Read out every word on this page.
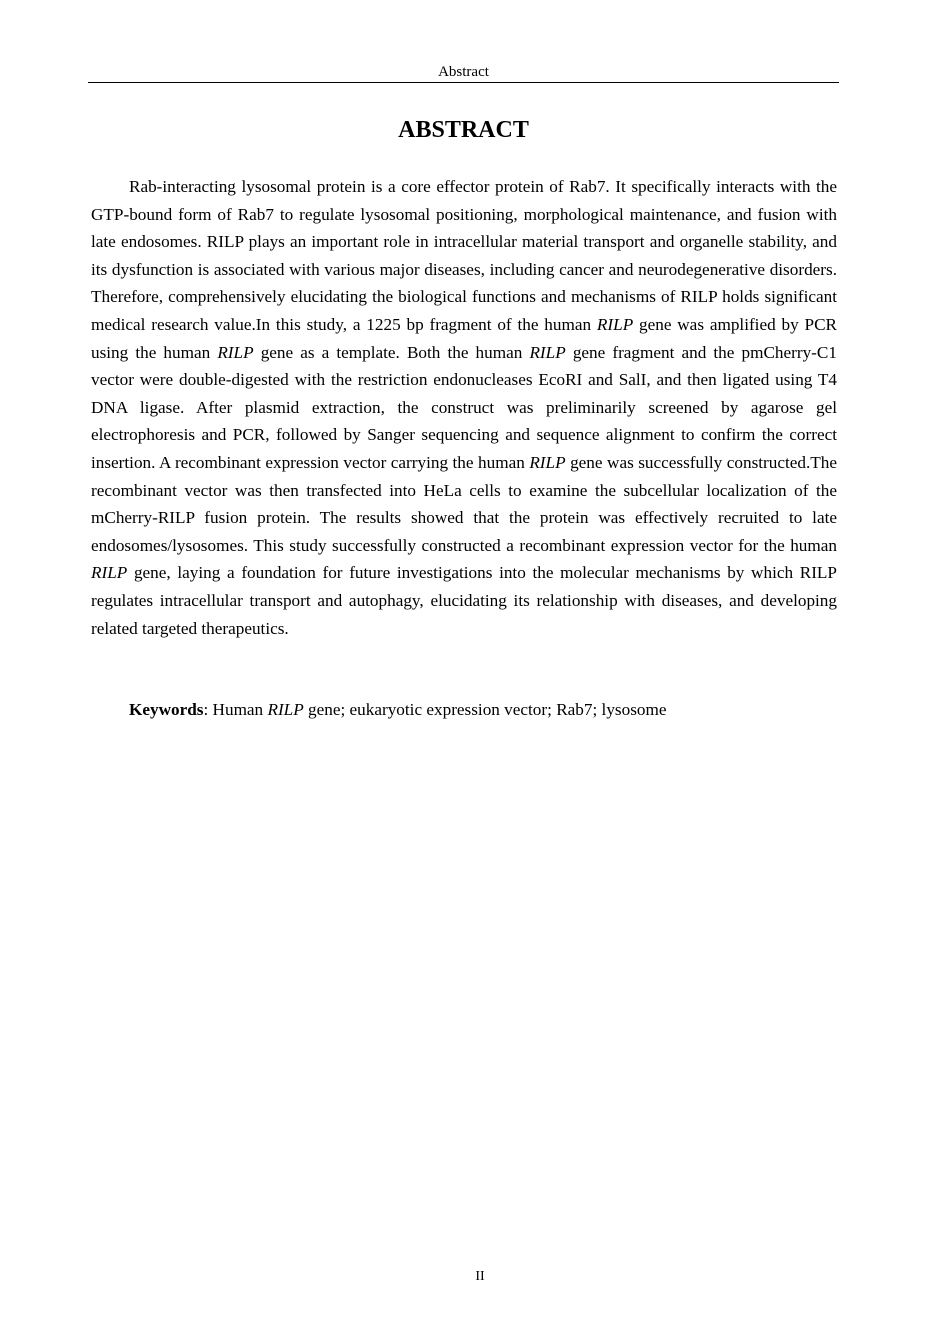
Abstract
ABSTRACT

Rab-interacting lysosomal protein is a core effector protein of Rab7. It specifically interacts with the GTP-bound form of Rab7 to regulate lysosomal positioning, morphological maintenance, and fusion with late endosomes. RILP plays an important role in intracellular material transport and organelle stability, and its dysfunction is associated with various major diseases, including cancer and neurodegenerative disorders. Therefore, comprehensively elucidating the biological functions and mechanisms of RILP holds significant medical research value.In this study, a 1225 bp fragment of the human RILP gene was amplified by PCR using the human RILP gene as a template. Both the human RILP gene fragment and the pmCherry-C1 vector were double-digested with the restriction endonucleases EcoRI and SalI, and then ligated using T4 DNA ligase. After plasmid extraction, the construct was preliminarily screened by agarose gel electrophoresis and PCR, followed by Sanger sequencing and sequence alignment to confirm the correct insertion. A recombinant expression vector carrying the human RILP gene was successfully constructed.The recombinant vector was then transfected into HeLa cells to examine the subcellular localization of the mCherry-RILP fusion protein. The results showed that the protein was effectively recruited to late endosomes/lysosomes. This study successfully constructed a recombinant expression vector for the human RILP gene, laying a foundation for future investigations into the molecular mechanisms by which RILP regulates intracellular transport and autophagy, elucidating its relationship with diseases, and developing related targeted therapeutics.

Keywords: Human RILP gene; eukaryotic expression vector; Rab7; lysosome

II
